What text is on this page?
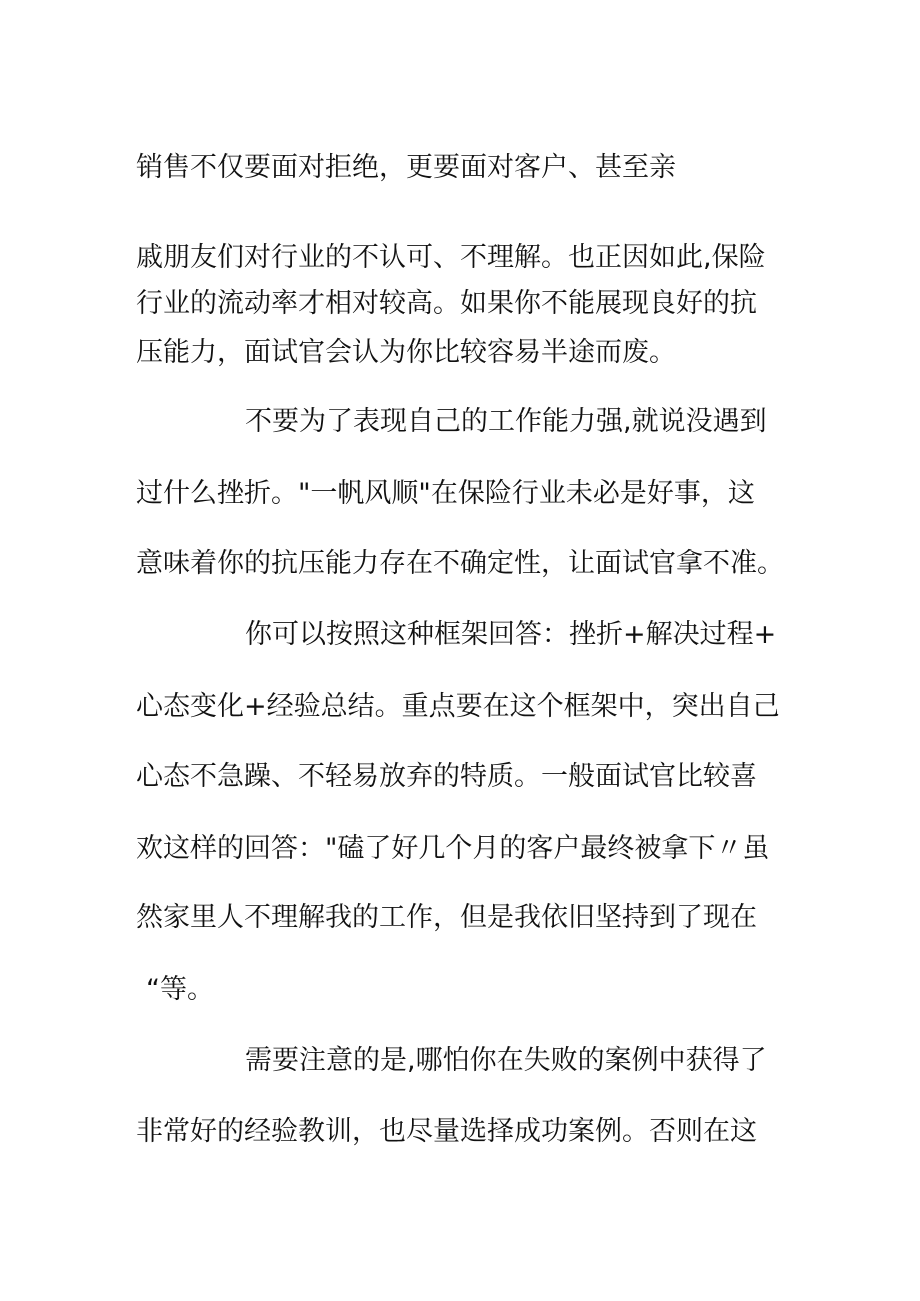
销售不仅要面对拒绝，更要面对客户、甚至亲
戚朋友们对行业的不认可、不理解。也正因如此,保险
行业的流动率才相对较高。如果你不能展现良好的抗
压能力，面试官会认为你比较容易半途而废。
不要为了表现自己的工作能力强,就说没遇到
过什么挫折。"一帆风顺"在保险行业未必是好事，这
意味着你的抗压能力存在不确定性，让面试官拿不准。
你可以按照这种框架回答：挫折+解决过程+
心态变化+经验总结。重点要在这个框架中，突出自己
心态不急躁、不轻易放弃的特质。一般面试官比较喜
欢这样的回答："磕了好几个月的客户最终被拿下〃虽
然家里人不理解我的工作，但是我依旧坚持到了现在
“等。
需要注意的是,哪怕你在失败的案例中获得了
非常好的经验教训，也尽量选择成功案例。否则在这
